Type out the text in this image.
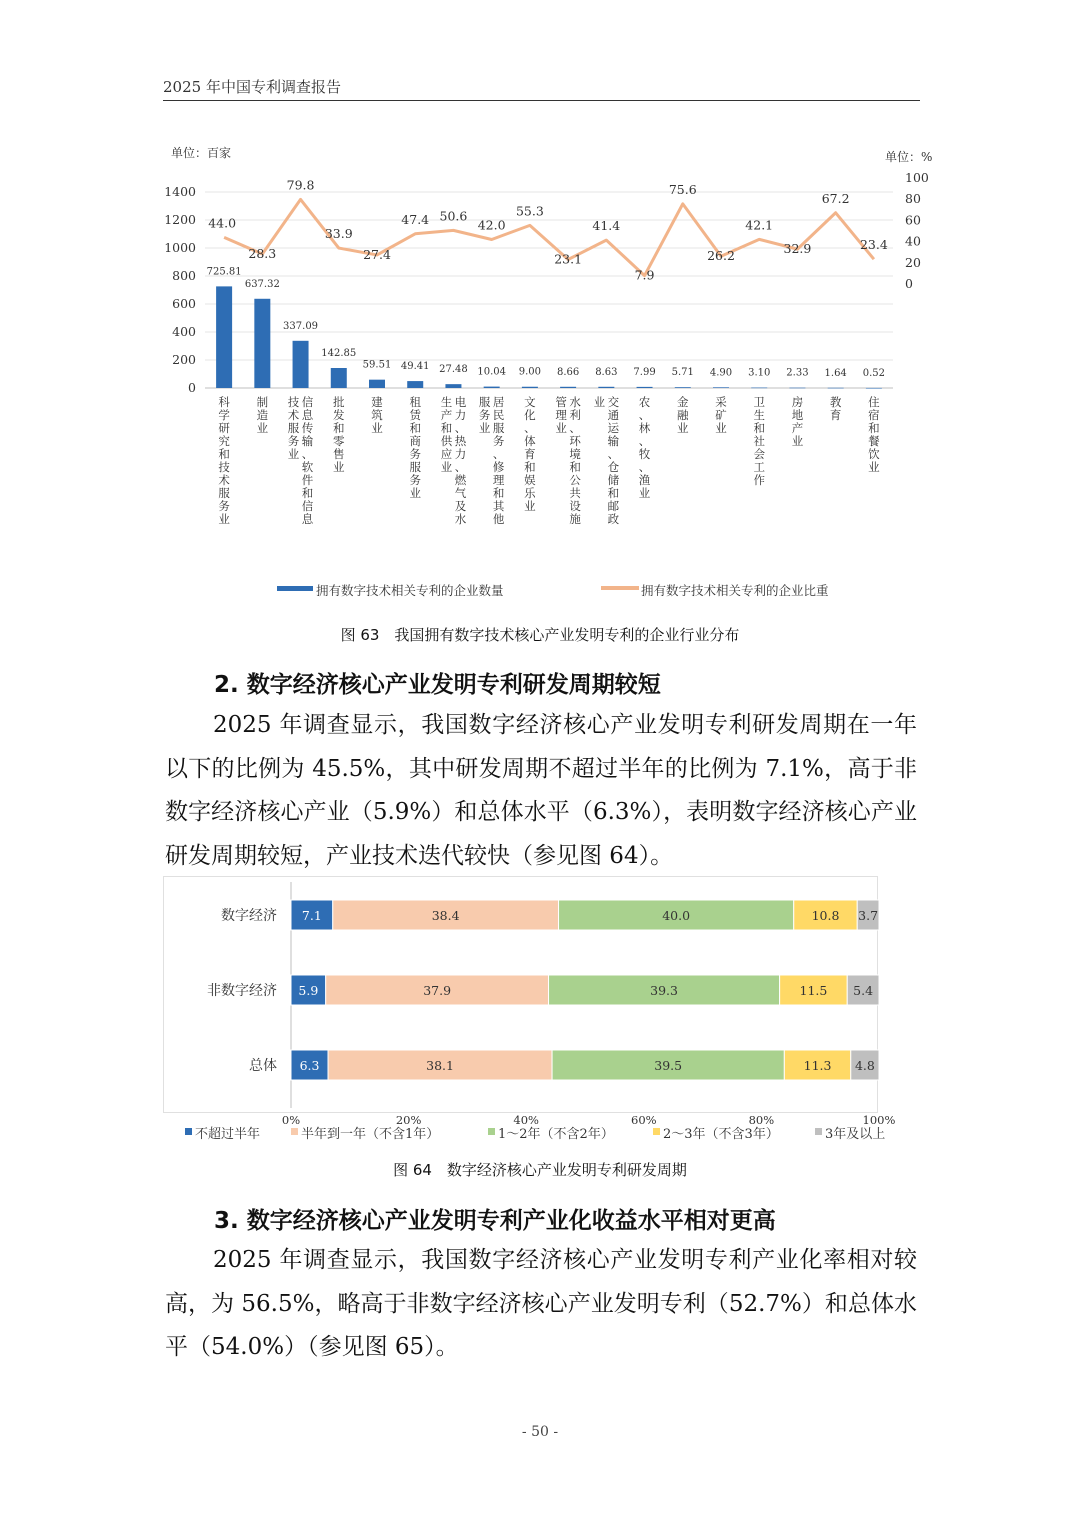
2025 年中国专利调查报告
单位：百家	单位：%
0
200
400
600
800
1000
1200
1400
0
20
40
60
80
100
725.81
637.32
337.09
142.85
59.51 49.41 27.48 10.04 9.00 8.66 8.63 7.99 5.71 4.90 3.10 2.33 1.64 0.52
44.0
28.3
79.8
33.9
27.4
47.4 50.6
42.0
55.3
23.1
41.4
7.9
75.6
26.2
42.1
32.9
67.2
23.4
科
学
研
究
和
技
术
服
务
业
制
造
业
信
息
传
输
、
软
件
和
信
息
技
术
服
务
业
批
发
和
零
售
业
建
筑
业
租
赁
和
商
务
服
务
业
电
力
、
热
力
、
燃
气
及
水
生
产
和
供
应
业
居
民
服
务
、
修
理
和
其
他
服
务
业
文
化
、
体
育
和
娱
乐
业
水
利
、
环
境
和
公
共
设
施
管
理
业
交
通
运
输
、
仓
储
和
邮
政
业	农
、
林
、
牧
、
渔
业
金
融
业
采
矿
业
卫
生
和
社
会
工
作
房
地
产
业
教
育
住
宿
和
餐
饮
业
拥有数字技术相关专利的企业数量	拥有数字技术相关专利的企业比重
图 63　我国拥有数字技术核心产业发明专利的企业行业分布
2. 数字经济核心产业发明专利研发周期较短
2025 年调查显示，我国数字经济核心产业发明专利研发周期在一年以下的比例为 45.5%，其中研发周期不超过半年的比例为 7.1%，高于非数字经济核心产业（5.9%）和总体水平（6.3%），表明数字经济核心产业研发周期较短，产业技术迭代较快（参见图 64）。
数字经济 7.1	38.4	40.0	10.8 3.7
非数字经济 5.9	37.9	39.3	11.5 5.4
总体 6.3	38.1	39.5	11.3 4.8
0%	20%	40%	60%	80%	100%
不超过半年	半年到一年（不含1年）	1～2年（不含2年）	2～3年（不含3年）	3年及以上
图 64　数字经济核心产业发明专利研发周期
3. 数字经济核心产业发明专利产业化收益水平相对更高
2025 年调查显示，我国数字经济核心产业发明专利产业化率相对较高，为 56.5%，略高于非数字经济核心产业发明专利（52.7%）和总体水平（54.0%）（参见图 65）。
- 50 -
